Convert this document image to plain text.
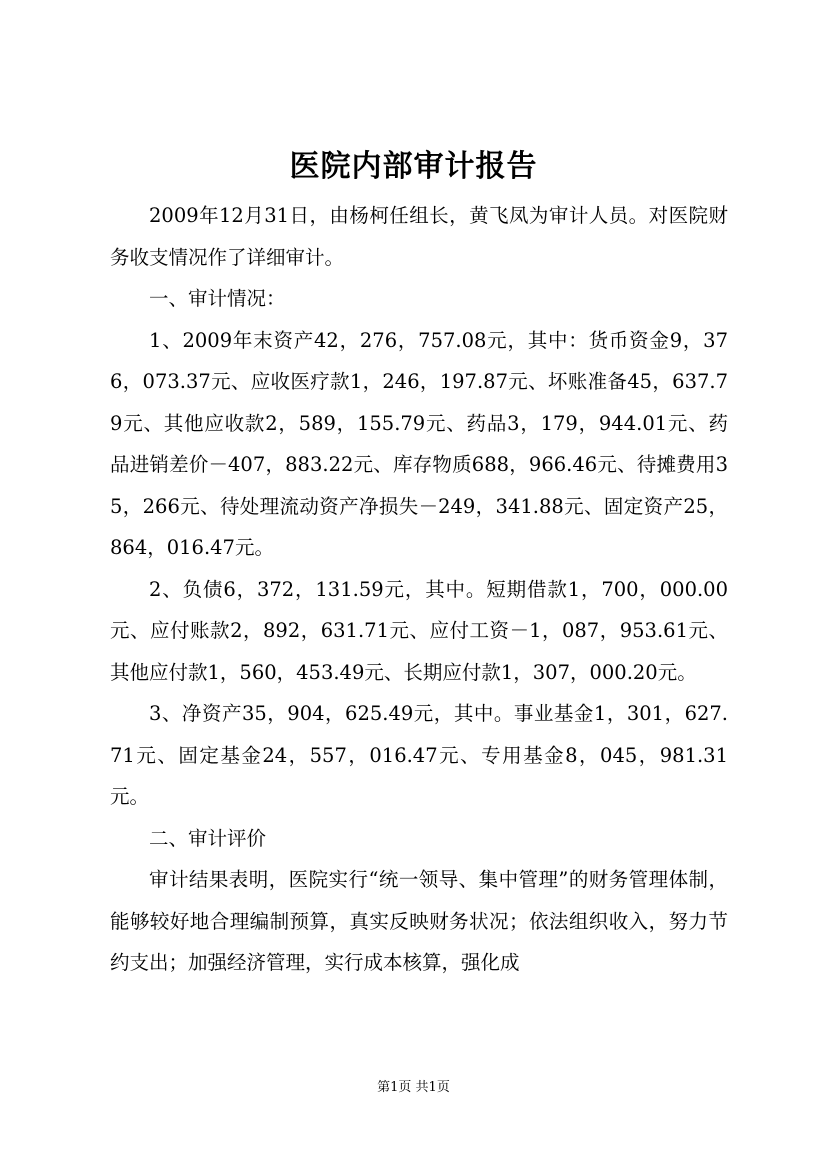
医院内部审计报告

2009年12月31日，由杨柯任组长，黄飞凤为审计人员。对医院财务收支情况作了详细审计。

一、审计情况：

1、2009年末资产42，276，757.08元，其中：货币资金9，376，073.37元、应收医疗款1，246，197.87元、坏账准备45，637.79元、其他应收款2，589，155.79元、药品3，179，944.01元、药品进销差价－407，883.22元、库存物质688，966.46元、待摊费用35，266元、待处理流动资产净损失－249，341.88元、固定资产25，864，016.47元。

2、负债6，372，131.59元，其中。短期借款1，700，000.00元、应付账款2，892，631.71元、应付工资－1，087，953.61元、其他应付款1，560，453.49元、长期应付款1，307，000.20元。

3、净资产35，904，625.49元，其中。事业基金1，301，627.71元、固定基金24，557，016.47元、专用基金8，045，981.31元。

二、审计评价

审计结果表明，医院实行“统一领导、集中管理”的财务管理体制，能够较好地合理编制预算，真实反映财务状况；依法组织收入，努力节约支出；加强经济管理，实行成本核算，强化成

第1页 共1页
